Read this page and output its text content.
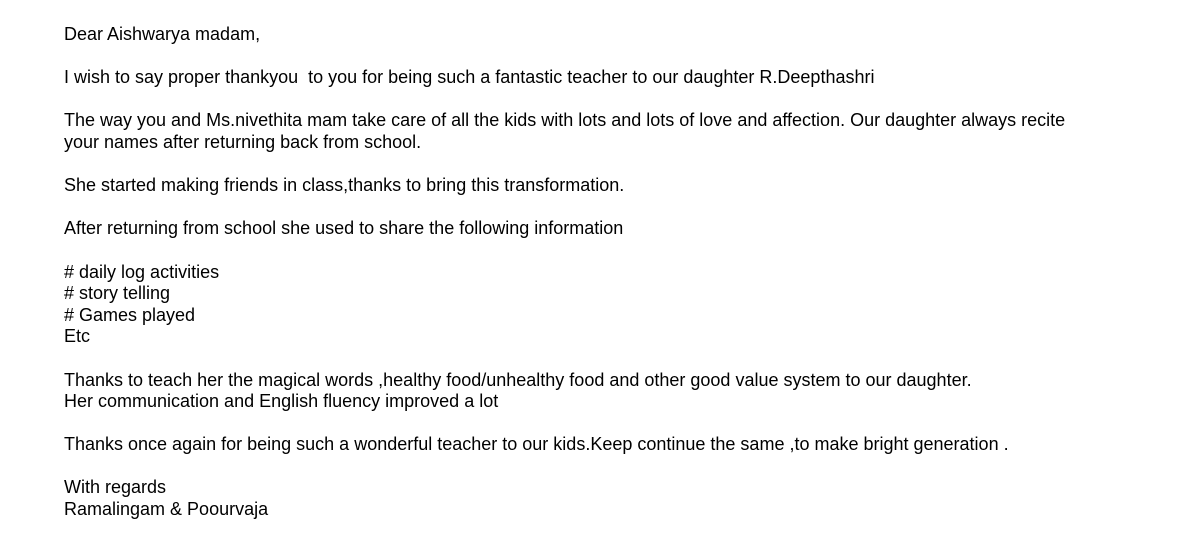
Dear Aishwarya madam,

I wish to say proper thankyou  to you for being such a fantastic teacher to our daughter R.Deepthashri

The way you and Ms.nivethita mam take care of all the kids with lots and lots of love and affection. Our daughter always recite

your names after returning back from school.

She started making friends in class,thanks to bring this transformation.

After returning from school she used to share the following information

# daily log activities

# story telling

# Games played

Etc

Thanks to teach her the magical words ,healthy food/unhealthy food and other good value system to our daughter.

Her communication and English fluency improved a lot

Thanks once again for being such a wonderful teacher to our kids.Keep continue the same ,to make bright generation .

With regards

Ramalingam & Poourvaja
